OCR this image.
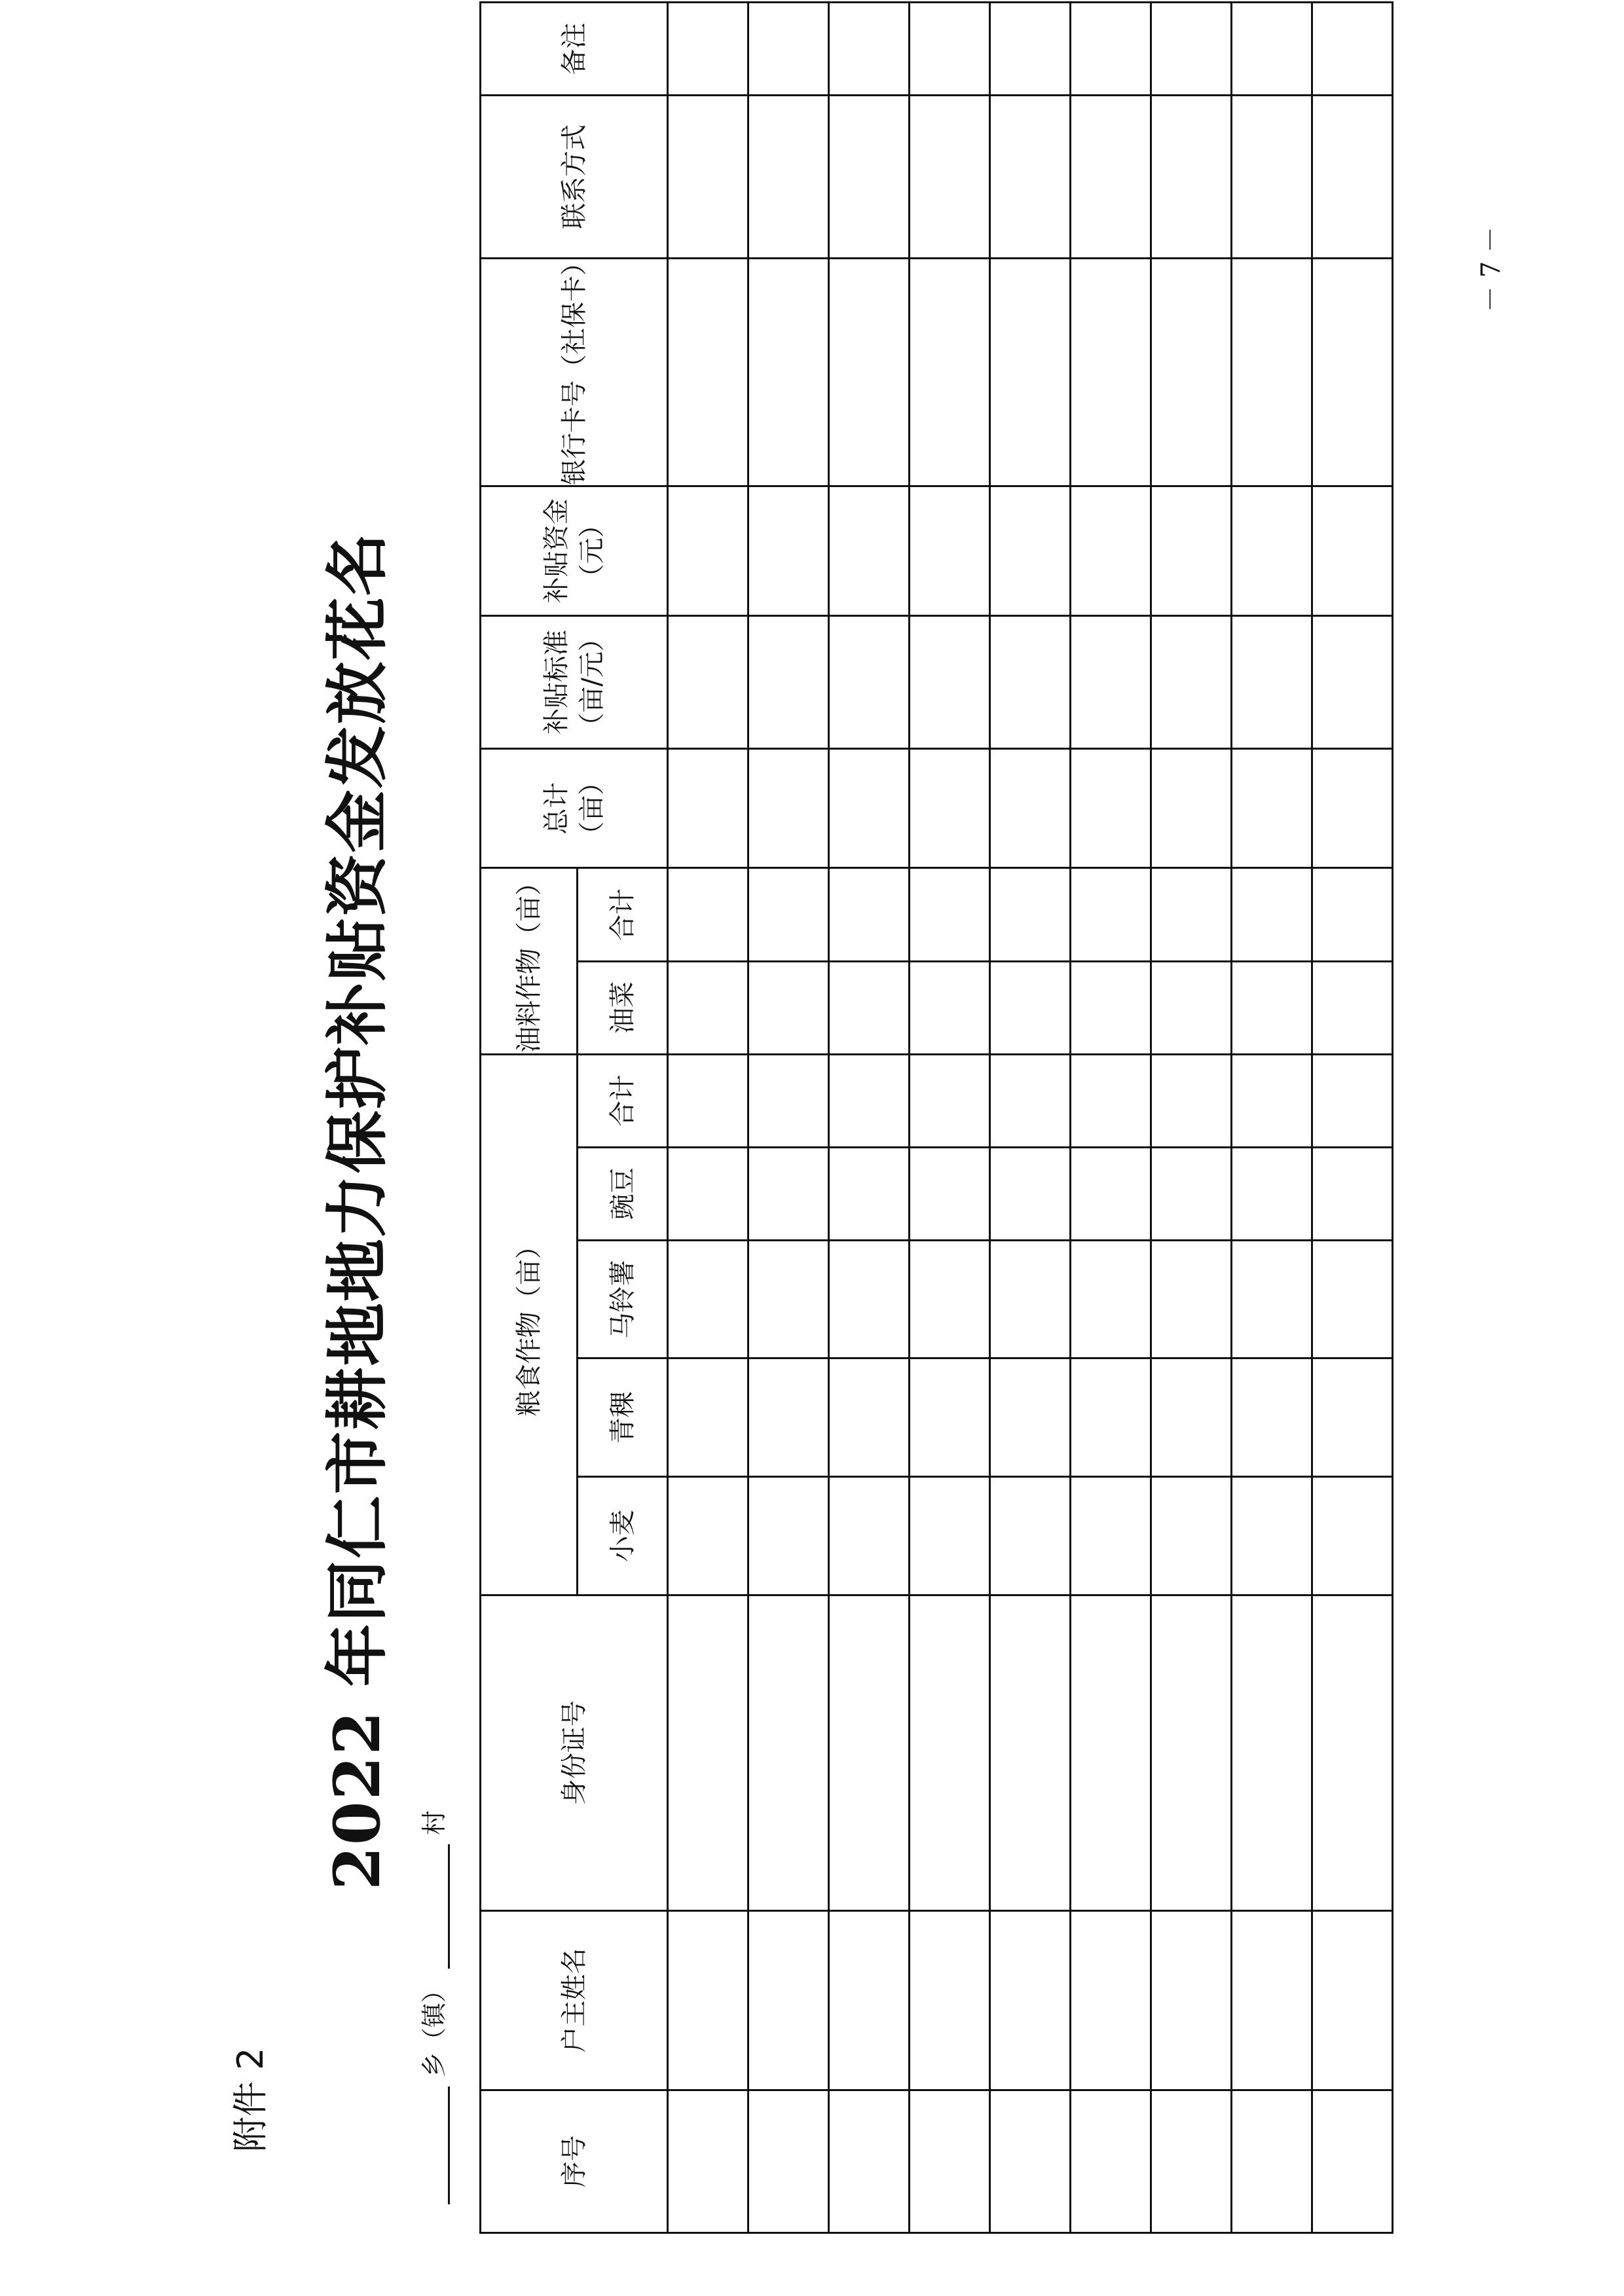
附件 2
2022 年同仁市耕地地力保护补贴资金发放花名
乡（镇）村
序号	户主姓名	身份证号	粮食作物（亩）					油料作物（亩）		总计（亩）	补贴标准（亩/元）	补贴资金（元）	银行卡号（社保卡）	联系方式	备注
			小麦	青稞	马铃薯	豌豆	合计	油菜	合计						

－ 7 －
